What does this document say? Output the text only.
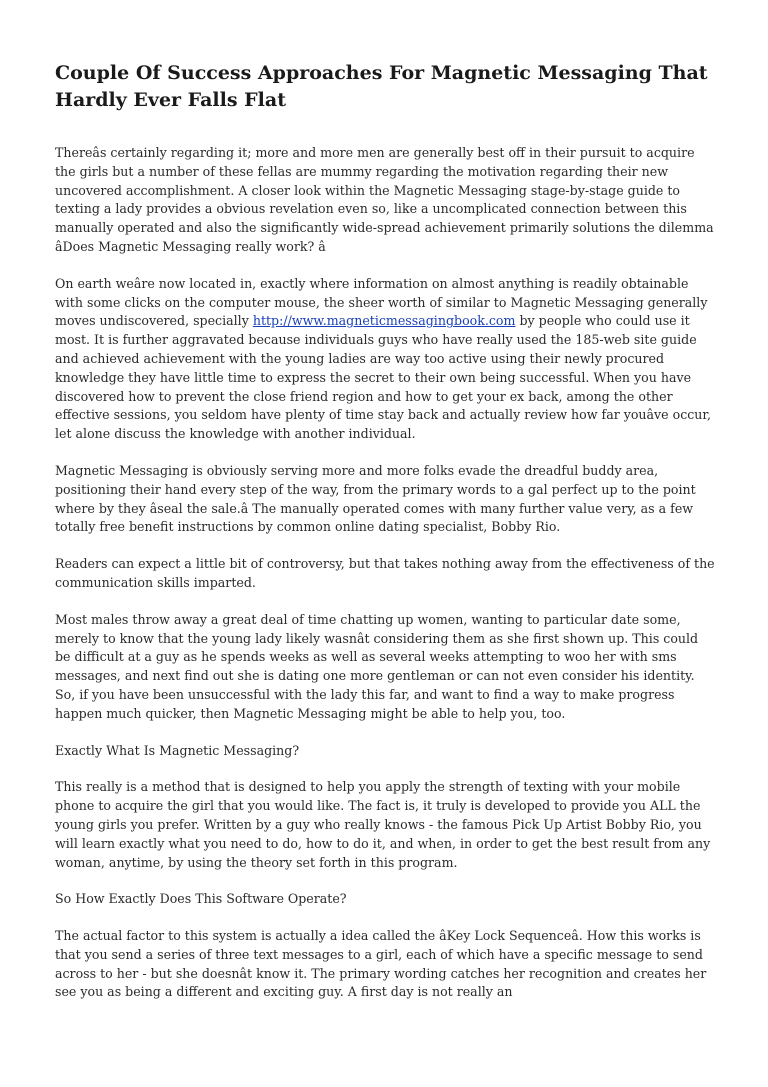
Couple Of Success Approaches For Magnetic Messaging That Hardly Ever Falls Flat

Thereâs certainly regarding it; more and more men are generally best off in their pursuit to acquire the girls but a number of these fellas are mummy regarding the motivation regarding their new uncovered accomplishment. A closer look within the Magnetic Messaging stage-by-stage guide to texting a lady provides a obvious revelation even so, like a uncomplicated connection between this manually operated and also the significantly wide-spread achievement primarily solutions the dilemma âDoes Magnetic Messaging really work? â

On earth weâre now located in, exactly where information on almost anything is readily obtainable with some clicks on the computer mouse, the sheer worth of similar to Magnetic Messaging generally moves undiscovered, specially http://www.magneticmessagingbook.com by people who could use it most. It is further aggravated because individuals guys who have really used the 185-web site guide and achieved achievement with the young ladies are way too active using their newly procured knowledge they have little time to express the secret to their own being successful. When you have discovered how to prevent the close friend region and how to get your ex back, among the other effective sessions, you seldom have plenty of time stay back and actually review how far youâve occur, let alone discuss the knowledge with another individual.

Magnetic Messaging is obviously serving more and more folks evade the dreadful buddy area, positioning their hand every step of the way, from the primary words to a gal perfect up to the point where by they âseal the sale.â The manually operated comes with many further value very, as a few totally free benefit instructions by common online dating specialist, Bobby Rio.

Readers can expect a little bit of controversy, but that takes nothing away from the effectiveness of the communication skills imparted.

Most males throw away a great deal of time chatting up women, wanting to particular date some, merely to know that the young lady likely wasnât considering them as she first shown up. This could be difficult at a guy as he spends weeks as well as several weeks attempting to woo her with sms messages, and next find out she is dating one more gentleman or can not even consider his identity. So, if you have been unsuccessful with the lady this far, and want to find a way to make progress happen much quicker, then Magnetic Messaging might be able to help you, too.

Exactly What Is Magnetic Messaging?

This really is a method that is designed to help you apply the strength of texting with your mobile phone to acquire the girl that you would like. The fact is, it truly is developed to provide you ALL the young girls you prefer. Written by a guy who really knows - the famous Pick Up Artist Bobby Rio, you will learn exactly what you need to do, how to do it, and when, in order to get the best result from any woman, anytime, by using the theory set forth in this program.

So How Exactly Does This Software Operate?

The actual factor to this system is actually a idea called the âKey Lock Sequenceâ. How this works is that you send a series of three text messages to a girl, each of which have a specific message to send across to her - but she doesnât know it. The primary wording catches her recognition and creates her see you as being a different and exciting guy. A first day is not really an
